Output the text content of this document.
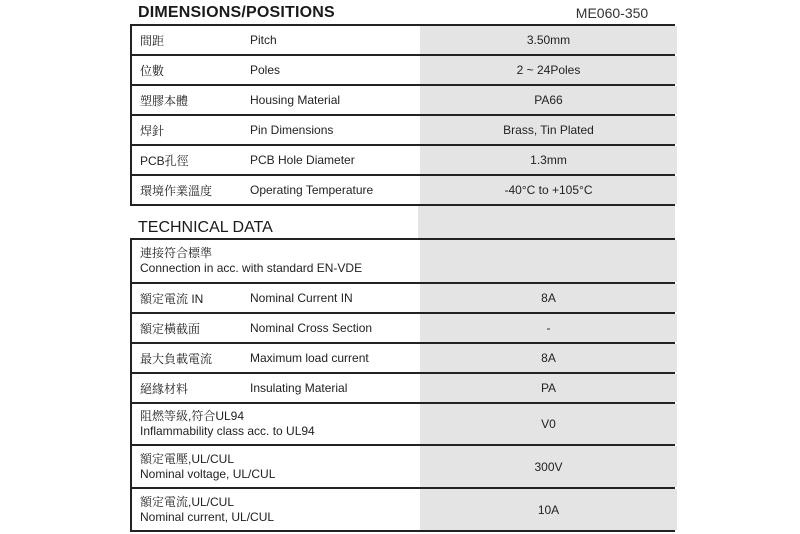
DIMENSIONS/POSITIONS	ME060-350
間距	Pitch	3.50mm
位數	Poles	2 ~ 24Poles
塑膠本體	Housing Material	PA66
焊針	Pin Dimensions	Brass, Tin Plated
PCB孔徑	PCB Hole Diameter	1.3mm
環境作業溫度	Operating Temperature	-40°C to +105°C
TECHNICAL DATA
連接符合標準
Connection in acc. with standard EN-VDE
額定電流 IN	Nominal Current IN	8A
額定橫截面	Nominal Cross Section	-
最大負載電流	Maximum load current	8A
絕緣材料	Insulating Material	PA
阻燃等級,符合UL94
Inflammability class acc. to UL94	V0
額定電壓,UL/CUL
Nominal voltage, UL/CUL	300V
額定電流,UL/CUL
Nominal current, UL/CUL	10A
